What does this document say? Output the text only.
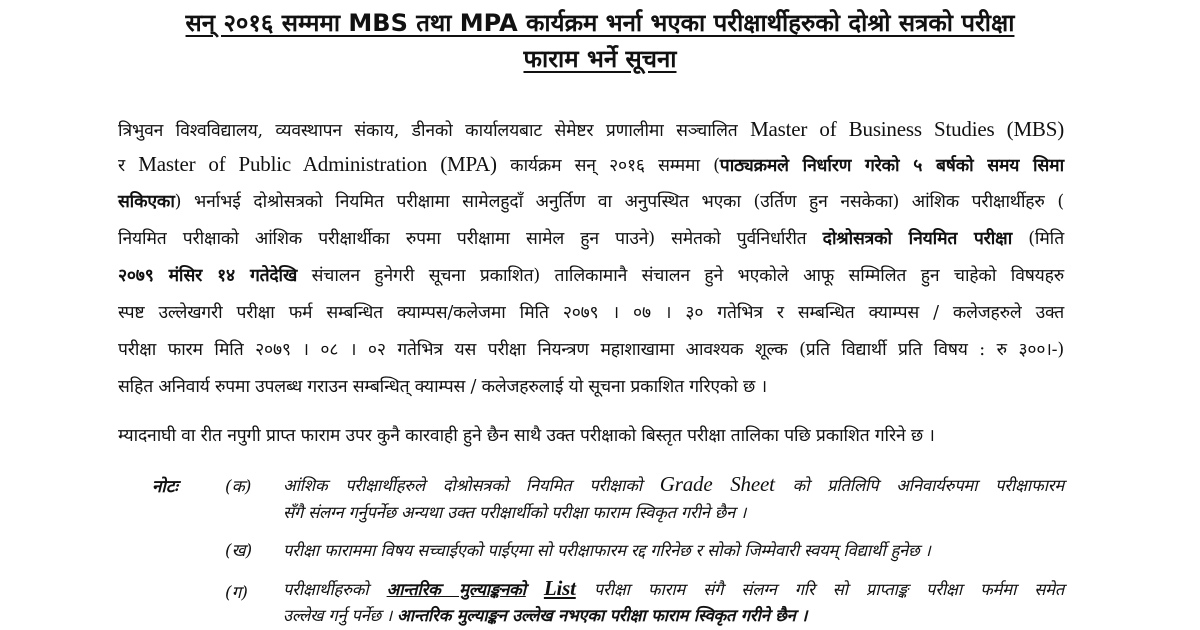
सन् २०१६ सम्ममा MBS तथा MPA कार्यक्रम भर्ना भएका परीक्षार्थीहरुको दोश्रो सत्रको परीक्षा
फाराम भर्ने सूचना
त्रिभुवन विश्वविद्यालय, व्यवस्थापन संकाय, डीनको कार्यालयबाट सेमेष्टर प्रणालीमा सञ्चालित Master of Business Studies (MBS)
र Master of Public Administration (MPA) कार्यक्रम सन् २०१६ सम्ममा (पाठ्यक्रमले निर्धारण गरेको ५ बर्षको समय सिमा
सकिएका) भर्नाभई दोश्रोसत्रको नियमित परीक्षामा सामेलहुदाँ अनुर्तिण वा अनुपस्थित भएका (उर्तिण हुन नसकेका) आंशिक परीक्षार्थीहरु (
नियमित परीक्षाको आंशिक परीक्षार्थीका रुपमा परीक्षामा सामेल हुन पाउने) समेतको पुर्वनिर्धारीत दोश्रोसत्रको नियमित परीक्षा (मिति
२०७९ मंसिर १४ गतेदेखि संचालन हुनेगरी सूचना प्रकाशित) तालिकामानै संचालन हुने भएकोले आफू सम्मिलित हुन चाहेको विषयहरु
स्पष्ट उल्लेखगरी परीक्षा फर्म सम्बन्धित क्याम्पस/कलेजमा मिति २०७९ । ०७ । ३० गतेभित्र र सम्बन्धित क्याम्पस / कलेजहरुले उक्त
परीक्षा फारम मिति २०७९ । ०८ । ०२ गतेभित्र यस परीक्षा नियन्त्रण महाशाखामा आवश्यक शूल्क (प्रति विद्यार्थी प्रति विषय : रु ३००।-)
सहित अनिवार्य रुपमा उपलब्ध गराउन सम्बन्धित् क्याम्पस / कलेजहरुलाई यो सूचना प्रकाशित गरिएको छ ।
म्यादनाघी वा रीत नपुगी प्राप्त फाराम उपर कुनै कारवाही हुने छैन साथै उक्त परीक्षाको बिस्तृत परीक्षा तालिका पछि प्रकाशित गरिने छ ।
नोटः	(क) आंशिक परीक्षार्थीहरुले दोश्रोसत्रको नियमित परीक्षाको Grade Sheet को प्रतिलिपि अनिवार्यरुपमा परीक्षाफारम
सँगै संलग्न गर्नुपर्नेछ अन्यथा उक्त परीक्षार्थीको परीक्षा फाराम स्विकृत गरीने छैन ।
(ख) परीक्षा फाराममा विषय सच्चाईएको पाईएमा सो परीक्षाफारम रद्द गरिनेछ र सोको जिम्मेवारी स्वयम् विद्यार्थी हुनेछ ।
(ग) परीक्षार्थीहरुको आन्तरिक मुल्याङ्कनको List परीक्षा फाराम संगै संलग्न गरि सो प्राप्ताङ्क परीक्षा फर्ममा समेत
उल्लेख गर्नु पर्नेछ । आन्तरिक मुल्याङ्कन उल्लेख नभएका परीक्षा फाराम स्विकृत गरीने छैन ।
